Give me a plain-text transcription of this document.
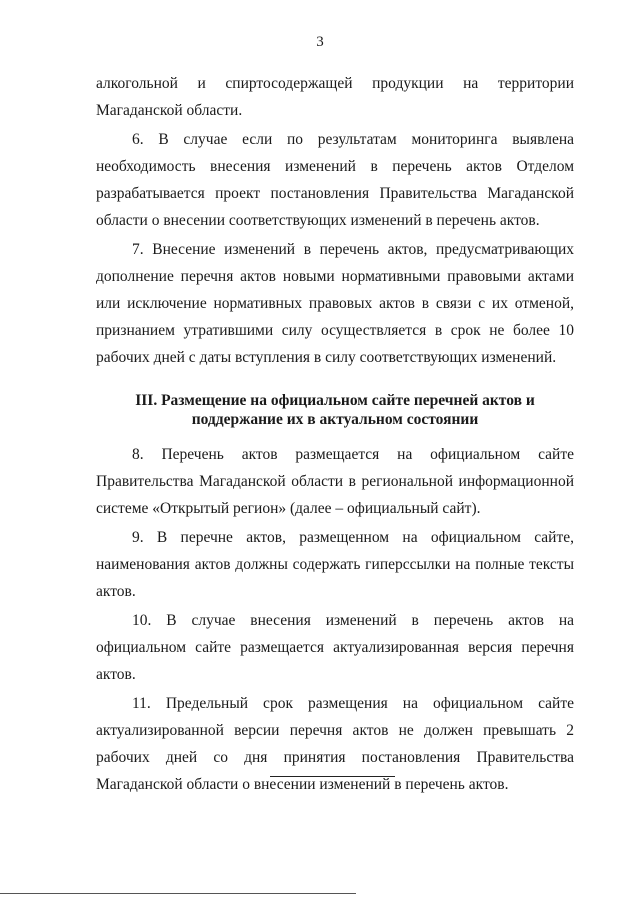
3

алкогольной и спиртосодержащей продукции на территории Магаданской области.

6. В случае если по результатам мониторинга выявлена необходимость внесения изменений в перечень актов Отделом разрабатывается проект постановления Правительства Магаданской области о внесении соответствующих изменений в перечень актов.

7. Внесение изменений в перечень актов, предусматривающих дополнение перечня актов новыми нормативными правовыми актами или исключение нормативных правовых актов в связи с их отменой, признанием утратившими силу осуществляется в срок не более 10 рабочих дней с даты вступления в силу соответствующих изменений.

III. Размещение на официальном сайте перечней актов и
поддержание их в актуальном состоянии

8. Перечень актов размещается на официальном сайте Правительства Магаданской области в региональной информационной системе «Открытый регион» (далее – официальный сайт).

9. В перечне актов, размещенном на официальном сайте, наименования актов должны содержать гиперссылки на полные тексты актов.

10. В случае внесения изменений в перечень актов на официальном сайте размещается актуализированная версия перечня актов.

11. Предельный срок размещения на официальном сайте актуализированной версии перечня актов не должен превышать 2 рабочих дней со дня принятия постановления Правительства Магаданской области о внесении изменений в перечень актов.
